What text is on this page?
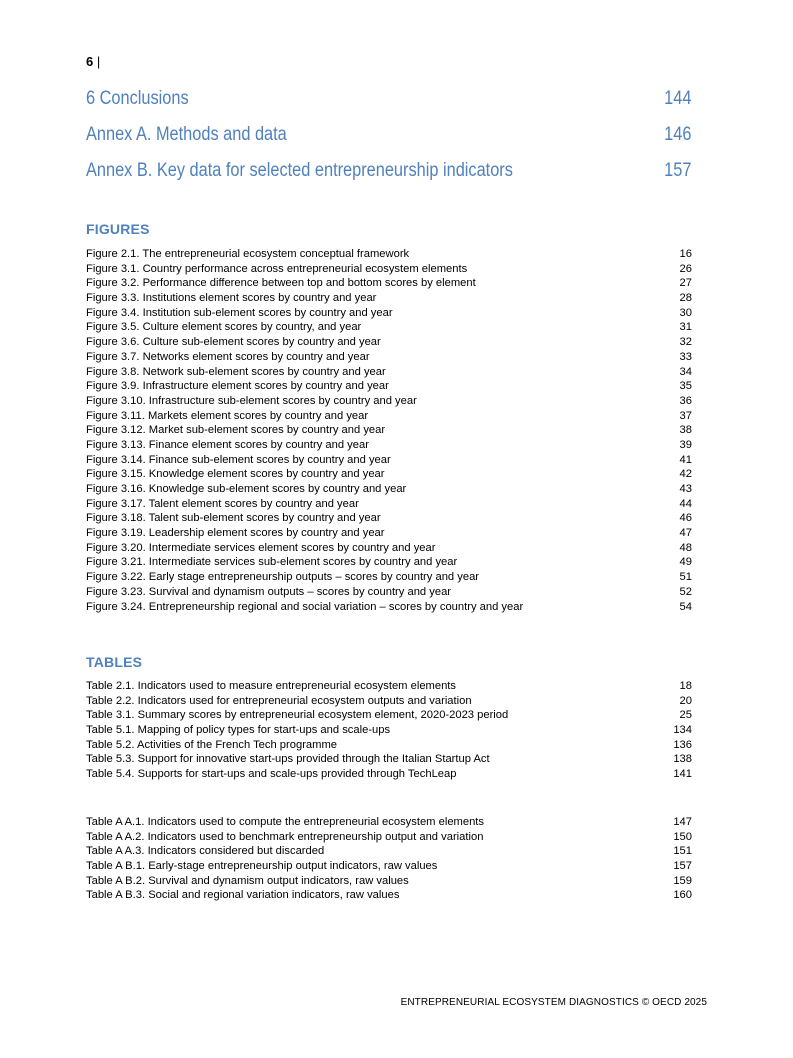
6 |
6 Conclusions	144
Annex A. Methods and data	146
Annex B. Key data for selected entrepreneurship indicators	157
FIGURES
Figure 2.1. The entrepreneurial ecosystem conceptual framework	16
Figure 3.1. Country performance across entrepreneurial ecosystem elements	26
Figure 3.2. Performance difference between top and bottom scores by element	27
Figure 3.3. Institutions element scores by country and year	28
Figure 3.4. Institution sub-element scores by country and year	30
Figure 3.5. Culture element scores by country, and year	31
Figure 3.6. Culture sub-element scores by country and year	32
Figure 3.7. Networks element scores by country and year	33
Figure 3.8. Network sub-element scores by country and year	34
Figure 3.9. Infrastructure element scores by country and year	35
Figure 3.10. Infrastructure sub-element scores by country and year	36
Figure 3.11. Markets element scores by country and year	37
Figure 3.12. Market sub-element scores by country and year	38
Figure 3.13. Finance element scores by country and year	39
Figure 3.14. Finance sub-element scores by country and year	41
Figure 3.15. Knowledge element scores by country and year	42
Figure 3.16. Knowledge sub-element scores by country and year	43
Figure 3.17. Talent element scores by country and year	44
Figure 3.18. Talent sub-element scores by country and year	46
Figure 3.19. Leadership element scores by country and year	47
Figure 3.20. Intermediate services element scores by country and year	48
Figure 3.21. Intermediate services sub-element scores by country and year	49
Figure 3.22. Early stage entrepreneurship outputs – scores by country and year	51
Figure 3.23. Survival and dynamism outputs – scores by country and year	52
Figure 3.24. Entrepreneurship regional and social variation – scores by country and year	54
TABLES
Table 2.1. Indicators used to measure entrepreneurial ecosystem elements	18
Table 2.2. Indicators used for entrepreneurial ecosystem outputs and variation	20
Table 3.1. Summary scores by entrepreneurial ecosystem element, 2020-2023 period	25
Table 5.1. Mapping of policy types for start-ups and scale-ups	134
Table 5.2. Activities of the French Tech programme	136
Table 5.3. Support for innovative start-ups provided through the Italian Startup Act	138
Table 5.4. Supports for start-ups and scale-ups provided through TechLeap	141
Table A A.1. Indicators used to compute the entrepreneurial ecosystem elements	147
Table A A.2. Indicators used to benchmark entrepreneurship output and variation	150
Table A A.3. Indicators considered but discarded	151
Table A B.1. Early-stage entrepreneurship output indicators, raw values	157
Table A B.2. Survival and dynamism output indicators, raw values	159
Table A B.3. Social and regional variation indicators, raw values	160
ENTREPRENEURIAL ECOSYSTEM DIAGNOSTICS © OECD 2025
